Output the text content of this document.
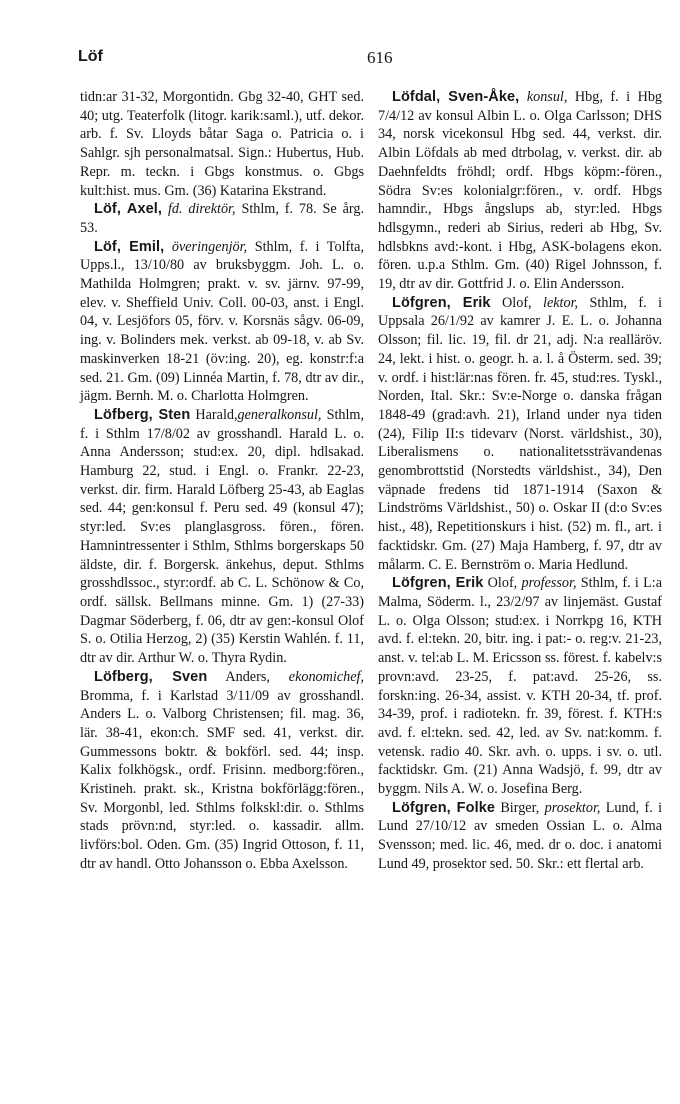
Löf	616

tidn:ar 31-32, Morgontidn. Gbg 32-40, GHT sed. 40; utg. Teaterfolk (litogr. karik:saml.), utf. dekor. arb. f. Sv. Lloyds båtar Saga o. Patricia o. i Sahlgr. sjh personalmatsal. Sign.: Hubertus, Hub. Repr. m. teckn. i Gbgs konstmus. o. Gbgs kult:hist. mus. Gm. (36) Katarina Ekstrand.

Löf, Axel, fd. direktör, Sthlm, f. 78. Se årg. 53.

Löf, Emil, överingenjör, Sthlm, f. i Tolfta, Upps.l., 13/10/80 av bruksbyggm. Joh. L. o. Mathilda Holmgren; prakt. v. sv. järnv. 97-99, elev. v. Sheffield Univ. Coll. 00-03, anst. i Engl. 04, v. Lesjöfors 05, förv. v. Korsnäs sågv. 06-09, ing. v. Bolinders mek. verkst. ab 09-18, v. ab Sv. maskinverken 18-21 (öv:ing. 20), eg. konstr:f:a sed. 21. Gm. (09) Linnéa Martin, f. 78, dtr av dir., jägm. Bernh. M. o. Charlotta Holmgren.

Löfberg, Sten Harald,generalkonsul, Sthlm, f. i Sthlm 17/8/02 av grosshandl. Harald L. o. Anna Andersson; stud:ex. 20, dipl. hdlsakad. Hamburg 22, stud. i Engl. o. Frankr. 22-23, verkst. dir. firm. Harald Löfberg 25-43, ab Eaglas sed. 44; gen:konsul f. Peru sed. 49 (konsul 47); styr:led. Sv:es planglasgross. fören., fören. Hamnintressenter i Sthlm, Sthlms borgerskaps 50 äldste, dir. f. Borgersk. änkehus, deput. Sthlms grosshdlssoc., styr:ordf. ab C. L. Schönow & Co, ordf. sällsk. Bellmans minne. Gm. 1) (27-33) Dagmar Söderberg, f. 06, dtr av gen:-konsul Olof S. o. Otilia Herzog, 2) (35) Kerstin Wahlén. f. 11, dtr av dir. Arthur W. o. Thyra Rydin.

Löfberg, Sven Anders, ekonomichef, Bromma, f. i Karlstad 3/11/09 av grosshandl. Anders L. o. Valborg Christensen; fil. mag. 36, lär. 38-41, ekon:ch. SMF sed. 41, verkst. dir. Gummessons boktr. & bokförl. sed. 44; insp. Kalix folkhögsk., ordf. Frisinn. medborg:fören., Kristineh. prakt. sk., Kristna bokförlägg:fören., Sv. Morgonbl, led. Sthlms folkskl:dir. o. Sthlms stads prövn:nd, styr:led. o. kassadir. allm. livförs:bol. Oden. Gm. (35) Ingrid Ottoson, f. 11, dtr av handl. Otto Johansson o. Ebba Axelsson.

Löfdal, Sven-Åke, konsul, Hbg, f. i Hbg 7/4/12 av konsul Albin L. o. Olga Carlsson; DHS 34, norsk vicekonsul Hbg sed. 44, verkst. dir. Albin Löfdals ab med dtrbolag, v. verkst. dir. ab Daehnfeldts fröhdl; ordf. Hbgs köpm:-fören., Södra Sv:es kolonialgr:fören., v. ordf. Hbgs hamndir., Hbgs ångslups ab, styr:led. Hbgs hdlsgymn., rederi ab Sirius, rederi ab Hbg, Sv. hdlsbkns avd:-kont. i Hbg, ASK-bolagens ekon. fören. u.p.a Sthlm. Gm. (40) Rigel Johnsson, f. 19, dtr av dir. Gottfrid J. o. Elin Andersson.

Löfgren, Erik Olof, lektor, Sthlm, f. i Uppsala 26/1/92 av kamrer J. E. L. o. Johanna Olsson; fil. lic. 19, fil. dr 21, adj. N:a realläröv. 24, lekt. i hist. o. geogr. h. a. l. å Österm. sed. 39; v. ordf. i hist:lär:nas fören. fr. 45, stud:res. Tyskl., Norden, Ital. Skr.: Sv:e-Norge o. danska frågan 1848-49 (grad:avh. 21), Irland under nya tiden (24), Filip II:s tidevarv (Norst. världshist., 30), Liberalismens o. nationalitetssträvandenas genombrottstid (Norstedts världshist., 34), Den väpnade fredens tid 1871-1914 (Saxon & Lindströms Världshist., 50) o. Oskar II (d:o Sv:es hist., 48), Repetitionskurs i hist. (52) m. fl., art. i facktidskr. Gm. (27) Maja Hamberg, f. 97, dtr av målarm. C. E. Bernström o. Maria Hedlund.

Löfgren, Erik Olof, professor, Sthlm, f. i L:a Malma, Söderm. l., 23/2/97 av linjemäst. Gustaf L. o. Olga Olsson; stud:ex. i Norrkpg 16, KTH avd. f. el:tekn. 20, bitr. ing. i pat:- o. reg:v. 21-23, anst. v. tel:ab L. M. Ericsson ss. förest. f. kabelv:s provn:avd. 23-25, f. pat:avd. 25-26, ss. forskn:ing. 26-34, assist. v. KTH 20-34, tf. prof. 34-39, prof. i radiotekn. fr. 39, förest. f. KTH:s avd. f. el:tekn. sed. 42, led. av Sv. nat:komm. f. vetensk. radio 40. Skr. avh. o. upps. i sv. o. utl. facktidskr. Gm. (21) Anna Wadsjö, f. 99, dtr av byggm. Nils A. W. o. Josefina Berg.

Löfgren, Folke Birger, prosektor, Lund, f. i Lund 27/10/12 av smeden Ossian L. o. Alma Svensson; med. lic. 46, med. dr o. doc. i anatomi Lund 49, prosektor sed. 50. Skr.: ett flertal arb.
